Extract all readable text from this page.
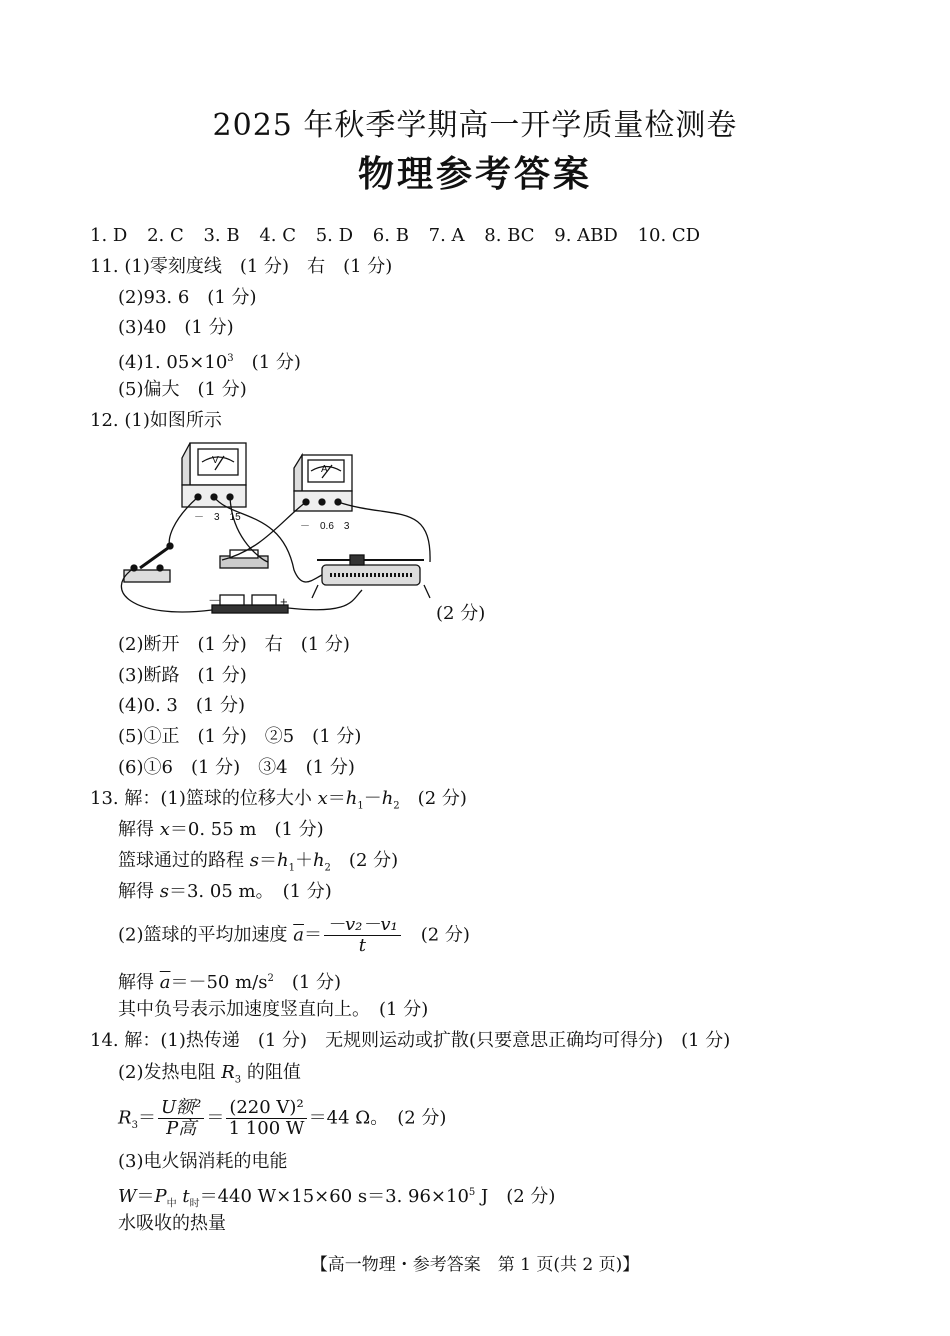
2025 年秋季学期高一开学质量检测卷
物理参考答案
1. D 2. C 3. B 4. C 5. D 6. B 7. A 8. BC 9. ABD 10. CD
11. (1)零刻度线　(1 分)　右　(1 分)
(2)93. 6　(1 分)
(3)40　(1 分)
(4)1. $05\times 10^3$　(1 分)
(5)偏大　(1 分)
12. (1)如图所示
V
－　3　15
A
－　0.6　3
－	+
(2 分)
(2)断开　(1 分)　右　(1 分)
(3)断路　(1 分)
(4)0. 3　(1 分)
(5)①正　(1 分)　②5　(1 分)
(6)①6　(1 分)　③4　(1 分)
13. 解：(1)篮球的位移大小 $x=h_1-h_2$　(2 分)
解得 x＝0. 55 m　(1 分)
篮球通过的路程 $s=h_1+h_2$　(2 分)
解得 s＝3. 05 m。　(1 分)
(2)篮球的平均加速度 $\overline{a}= \frac{\text{－v₂－v₁}}{t}$ 　(2 分)
解得 $\overline{a}=-50$ $m/s^2$　(1 分)
其中负号表示加速度竖直向上。　(1 分)
14. 解：(1)热传递　(1 分)　无规则运动或扩散(只要意思正确均可得分)　(1 分)
(2)发热电阻 $R_3$ 的阻值
$R_3= \frac{\text{U额²}}{\text{P高}} = \frac{\text{(220 V)²}}{1 100 W} =44$ Ω。　(2 分)
(3)电火锅消耗的电能
$W=P_中$ $t_时=440$ W×15×60 s＝3. $96\times 10^5$ J　(2 分)
水吸收的热量
【高一物理・参考答案　第 1 页(共 2 页)】
